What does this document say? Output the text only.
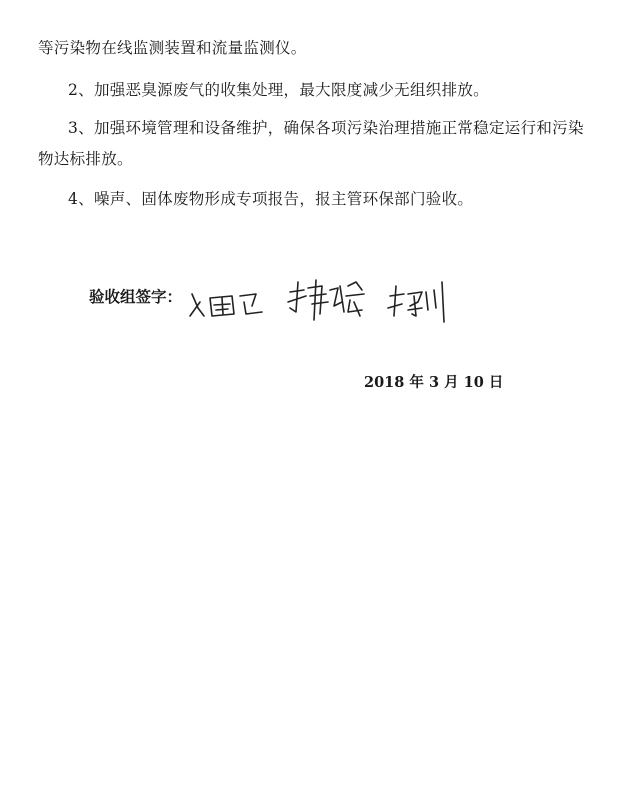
等污染物在线监测装置和流量监测仪。
2、加强恶臭源废气的收集处理，最大限度减少无组织排放。
3、加强环境管理和设备维护，确保各项污染治理措施正常稳定运行和污染
物达标排放。
4、噪声、固体废物形成专项报告，报主管环保部门验收。
验收组签字：
2018 年 3 月 10 日
